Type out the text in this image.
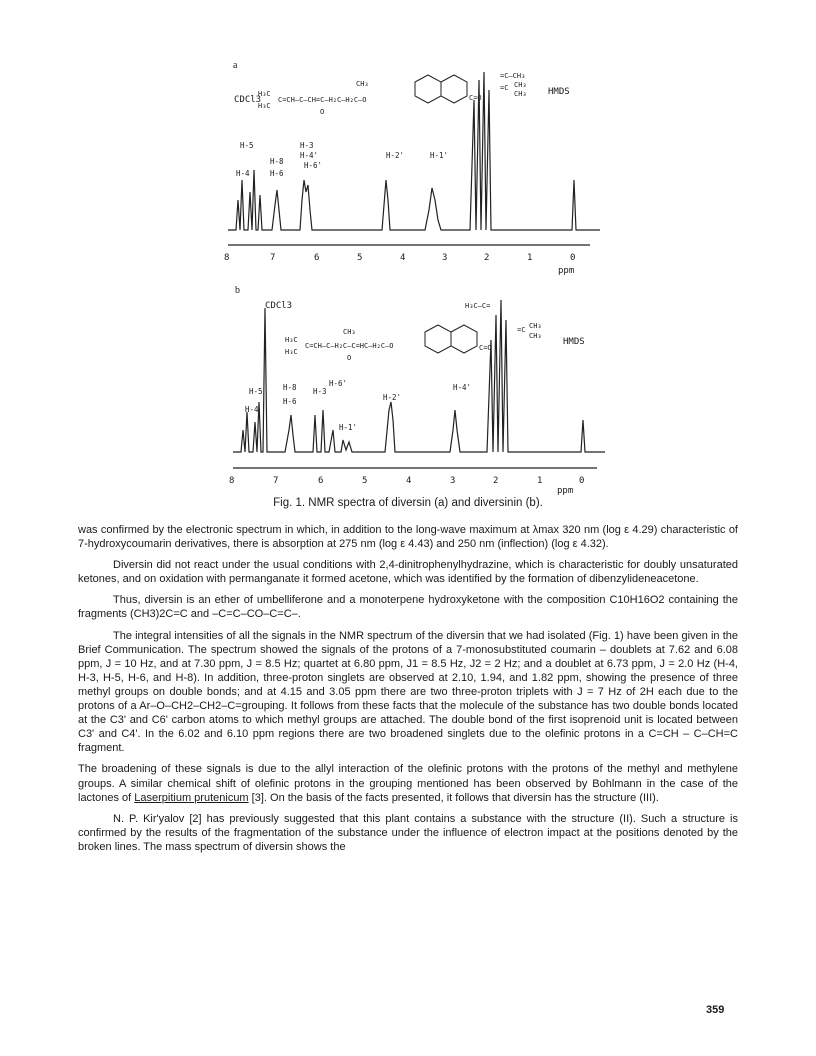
a
CDCl3
H₃C
H₃C
C=CH–C–CH=C–H₂C–H₂C–O
O
CH₃
C=O
=C–CH₃
=C CH₃
CH₃ HMDS
H-5
H-4
H-8
H-6
H-3
H-4'
H-6'
H-2'	H-1'
8	7	6	5	4	3	2	1	0
ppm
b
CDCl3	H₃C–C=
H₃C
H₃C
C=CH–C–H₂C–C=HC–H₂C–O
O
CH₃
C=O
=C CH₃
CH₃
HMDS
H-5
H-4
H-8
H-6
H-3
H-6'
H-1'
H-2'
H-4'
8	7	6	5	4	3	2	1	0
ppm
Fig. 1. NMR spectra of diversin (a) and diversinin (b).

was confirmed by the electronic spectrum in which, in addition to the long-wave maximum at λmax 320 nm (log ε 4.29) characteristic of 7-hydroxycoumarin derivatives, there is absorption at 275 nm (log ε 4.43) and 250 nm (inflection) (log ε 4.32).

Diversin did not react under the usual conditions with 2,4-dinitrophenylhydrazine, which is characteristic for doubly unsaturated ketones, and on oxidation with permanganate it formed acetone, which was identified by the formation of dibenzylideneacetone.

Thus, diversin is an ether of umbelliferone and a monoterpene hydroxyketone with the composition C10H16O2 containing the fragments (CH3)2C=C and –C=C–CO–C=C–.

The integral intensities of all the signals in the NMR spectrum of the diversin that we had isolated (Fig. 1) have been given in the Brief Communication. The spectrum showed the signals of the protons of a 7-monosubstituted coumarin – doublets at 7.62 and 6.08 ppm, J = 10 Hz, and at 7.30 ppm, J = 8.5 Hz; quartet at 6.80 ppm, J1 = 8.5 Hz, J2 = 2 Hz; and a doublet at 6.73 ppm, J = 2.0 Hz (H-4, H-3, H-5, H-6, and H-8). In addition, three-proton singlets are observed at 2.10, 1.94, and 1.82 ppm, showing the presence of three methyl groups on double bonds; and at 4.15 and 3.05 ppm there are two three-proton triplets with J = 7 Hz of 2H each due to the protons of a Ar–O–CH2–CH2–C=grouping. It follows from these facts that the molecule of the substance has two double bonds located at the C3' and C6' carbon atoms to which methyl groups are attached. The double bond of the first isoprenoid unit is located between C3' and C4'. In the 6.02 and 6.10 ppm regions there are two broadened singlets due to the olefinic protons in a C=CH – C–CH=C fragment.

The broadening of these signals is due to the allyl interaction of the olefinic protons with the protons of the methyl and methylene groups. A similar chemical shift of olefinic protons in the grouping mentioned has been observed by Bohlmann in the case of the lactones of Laserpitium prutenicum [3]. On the basis of the facts presented, it follows that diversin has the structure (III).

N. P. Kir'yalov [2] has previously suggested that this plant contains a substance with the structure (II). Such a structure is confirmed by the results of the fragmentation of the substance under the influence of electron impact at the positions denoted by the broken lines. The mass spectrum of diversin shows the

359
